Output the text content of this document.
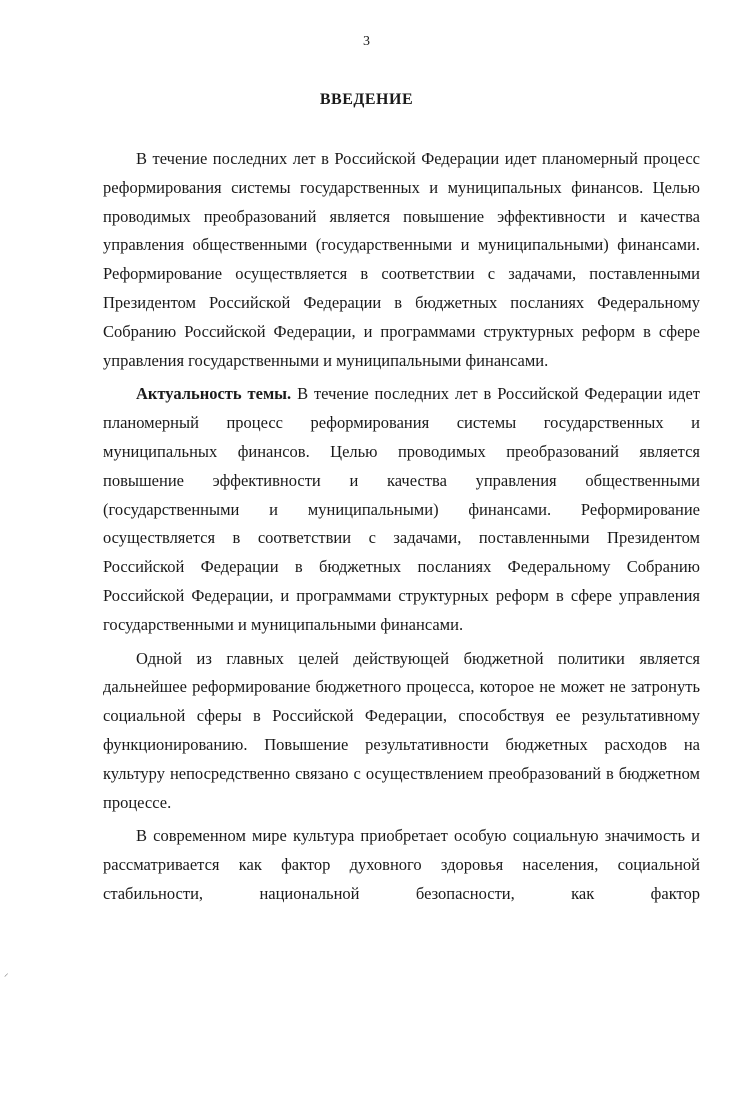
3
ВВЕДЕНИЕ

В течение последних лет в Российской Федерации идет планомерный процесс реформирования системы государственных и муниципальных финансов. Целью проводимых преобразований является повышение эффективности и качества управления общественными (государственными и муниципальными) финансами. Реформирование осуществляется в соответствии с задачами, поставленными Президентом Российской Федерации в бюджетных посланиях Федеральному Собранию Российской Федерации, и программами структурных реформ в сфере управления государственными и муниципальными финансами.

Актуальность темы. В течение последних лет в Российской Федерации идет планомерный процесс реформирования системы государственных и муниципальных финансов. Целью проводимых преобразований является повышение эффективности и качества управления общественными (государственными и муниципальными) финансами. Реформирование осуществляется в соответствии с задачами, поставленными Президентом Российской Федерации в бюджетных посланиях Федеральному Собранию Российской Федерации, и программами структурных реформ в сфере управления государственными и муниципальными финансами.

Одной из главных целей действующей бюджетной политики является дальнейшее реформирование бюджетного процесса, которое не может не затронуть социальной сферы в Российской Федерации, способствуя ее результативному функционированию. Повышение результативности бюджетных расходов на культуру непосредственно связано с осуществлением преобразований в бюджетном процессе.

В современном мире культура приобретает особую социальную значимость и рассматривается как фактор духовного здоровья населения, социальной стабильности, национальной безопасности, как фактор

⸝
